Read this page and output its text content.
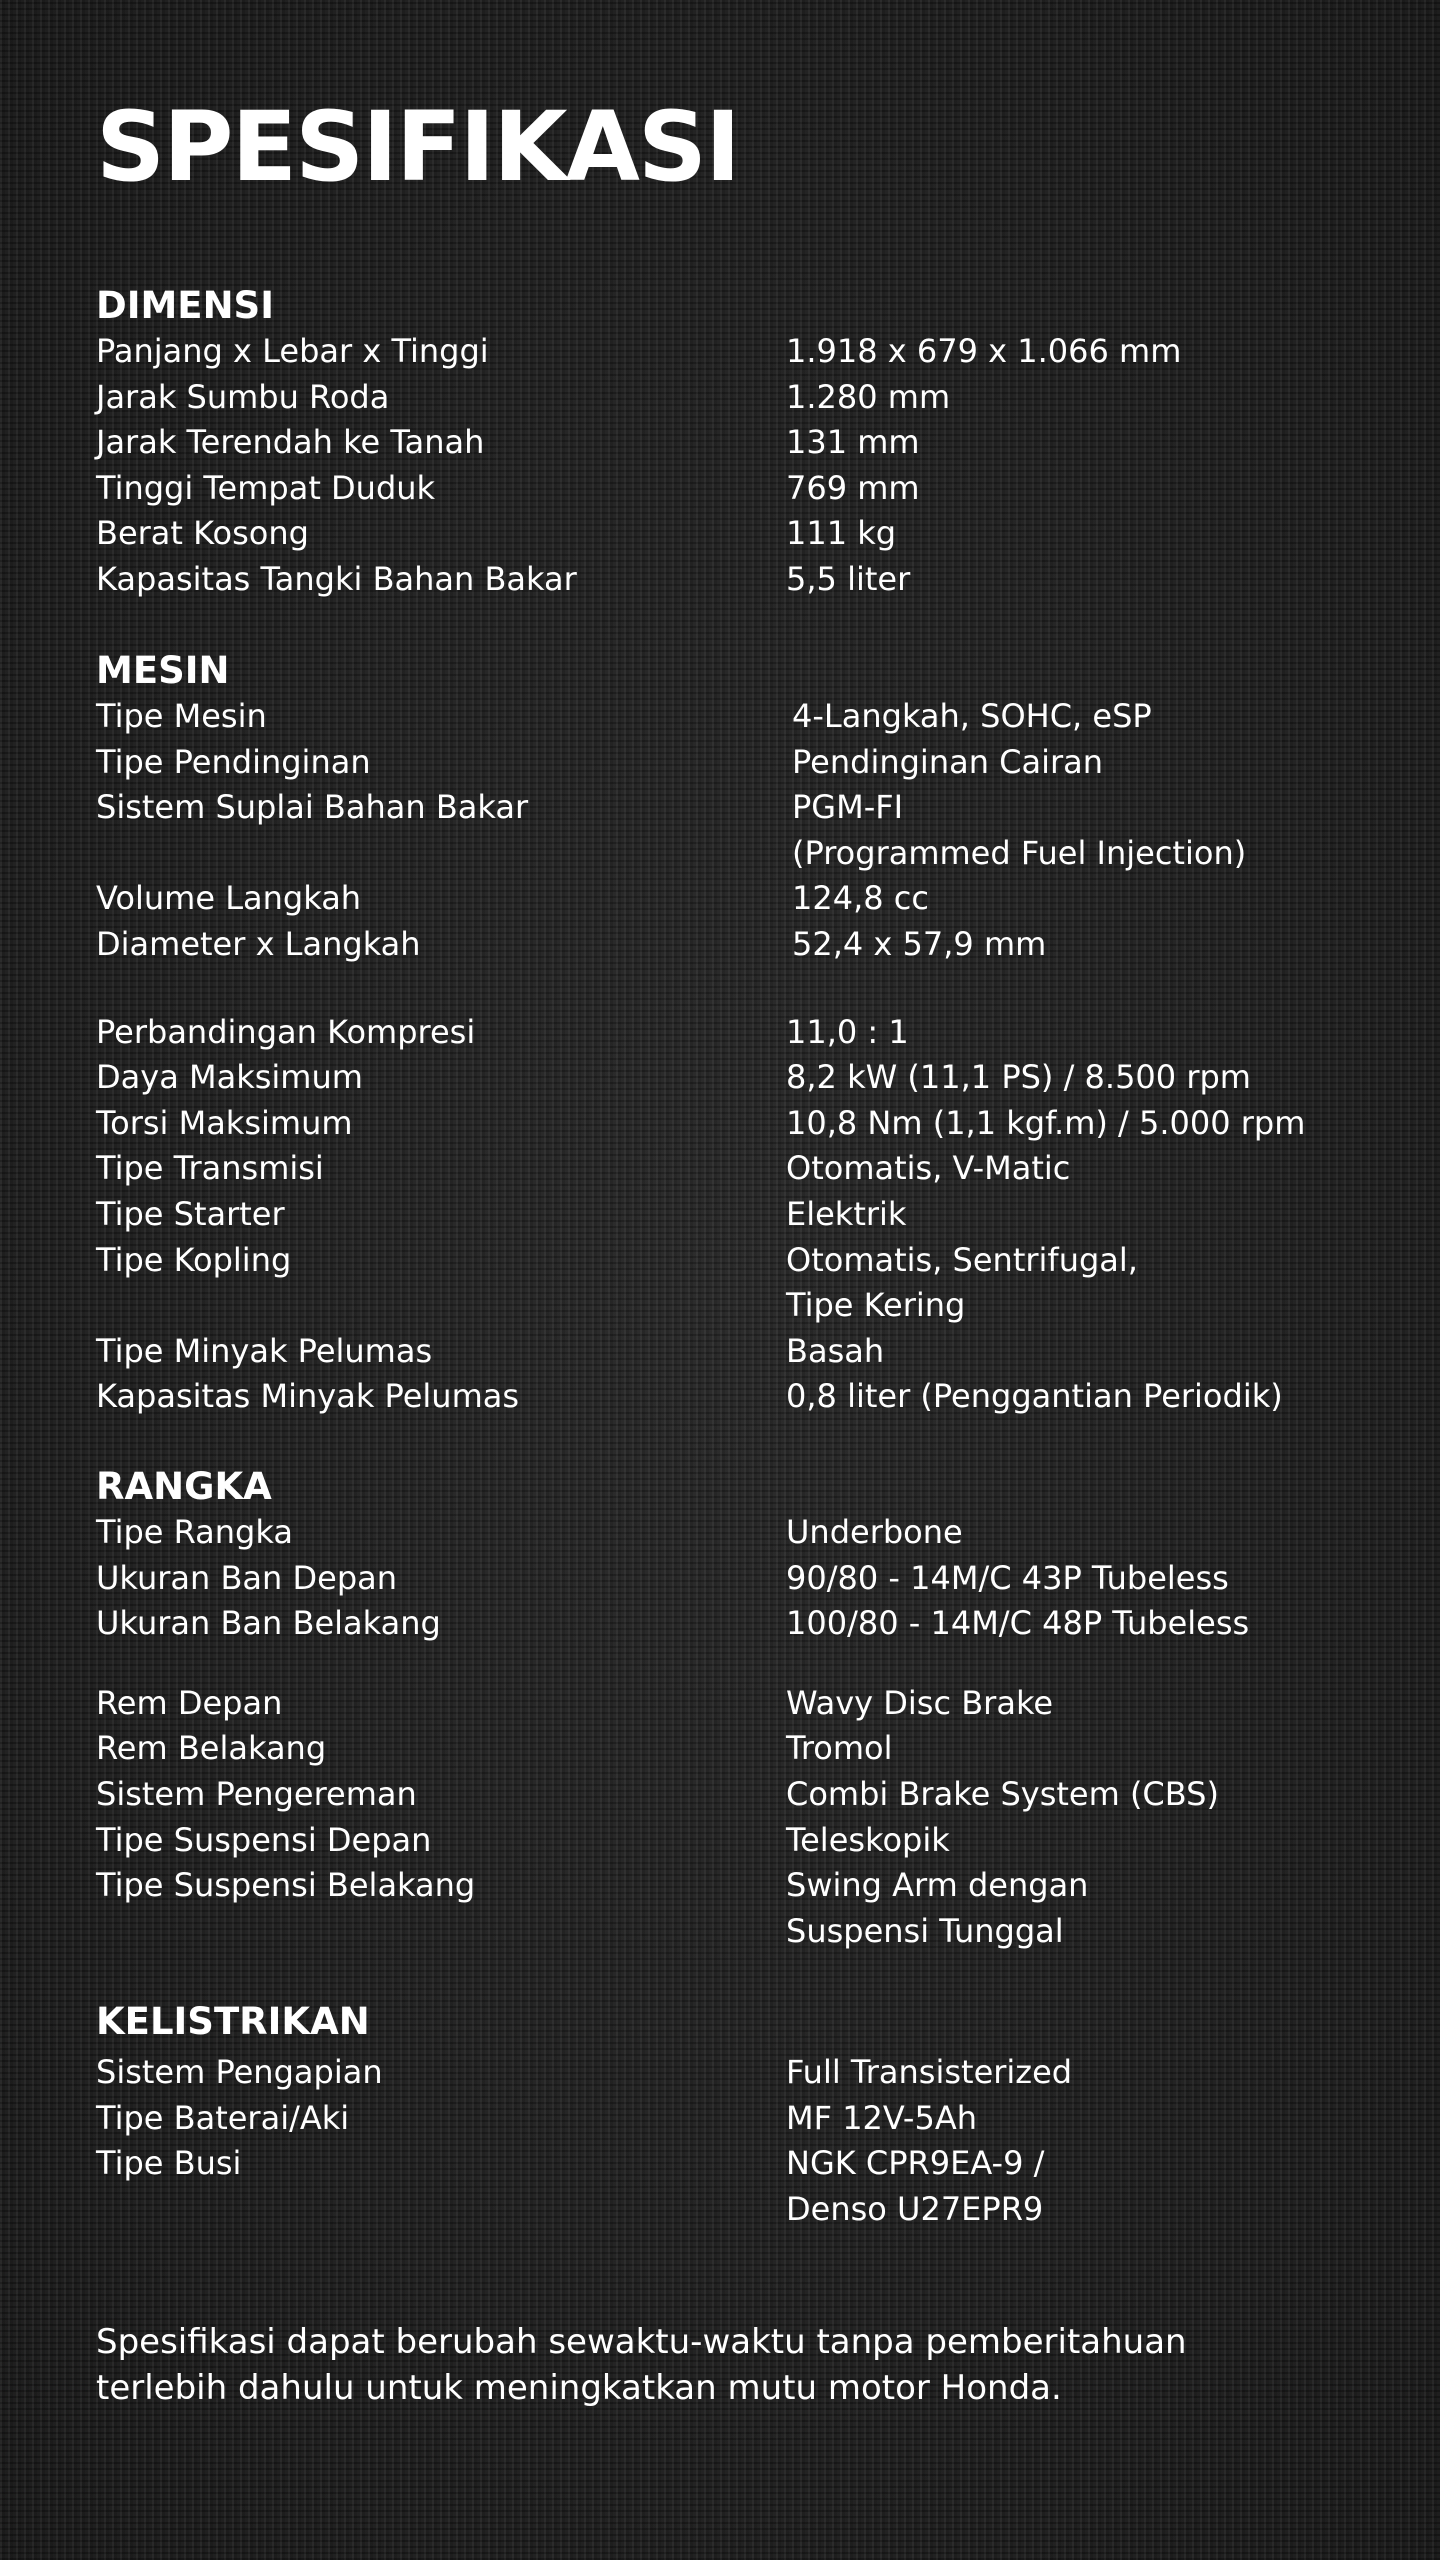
SPESIFIKASI
DIMENSI
Panjang x Lebar x Tinggi	1.918 x 679 x 1.066 mm
Jarak Sumbu Roda	1.280 mm
Jarak Terendah ke Tanah	131 mm
Tinggi Tempat Duduk	769 mm
Berat Kosong	111 kg
Kapasitas Tangki Bahan Bakar	5,5 liter
MESIN
Tipe Mesin	4-Langkah, SOHC, eSP
Tipe Pendinginan	Pendinginan Cairan
Sistem Suplai Bahan Bakar	PGM-FI
(Programmed Fuel Injection)
Volume Langkah	124,8 cc
Diameter x Langkah	52,4 x 57,9 mm
Perbandingan Kompresi	11,0 : 1
Daya Maksimum	8,2 kW (11,1 PS) / 8.500 rpm
Torsi Maksimum	10,8 Nm (1,1 kgf.m) / 5.000 rpm
Tipe Transmisi	Otomatis, V-Matic
Tipe Starter	Elektrik
Tipe Kopling	Otomatis, Sentrifugal,
Tipe Kering
Tipe Minyak Pelumas	Basah
Kapasitas Minyak Pelumas	0,8 liter (Penggantian Periodik)
RANGKA
Tipe Rangka	Underbone
Ukuran Ban Depan	90/80 - 14M/C 43P Tubeless
Ukuran Ban Belakang	100/80 - 14M/C 48P Tubeless
Rem Depan	Wavy Disc Brake
Rem Belakang	Tromol
Sistem Pengereman	Combi Brake System (CBS)
Tipe Suspensi Depan	Teleskopik
Tipe Suspensi Belakang	Swing Arm dengan
Suspensi Tunggal
KELISTRIKAN
Sistem Pengapian	Full Transisterized
Tipe Baterai/Aki	MF 12V-5Ah
Tipe Busi	NGK CPR9EA-9 /
Denso U27EPR9
Spesifikasi dapat berubah sewaktu-waktu tanpa pemberitahuan
terlebih dahulu untuk meningkatkan mutu motor Honda.
